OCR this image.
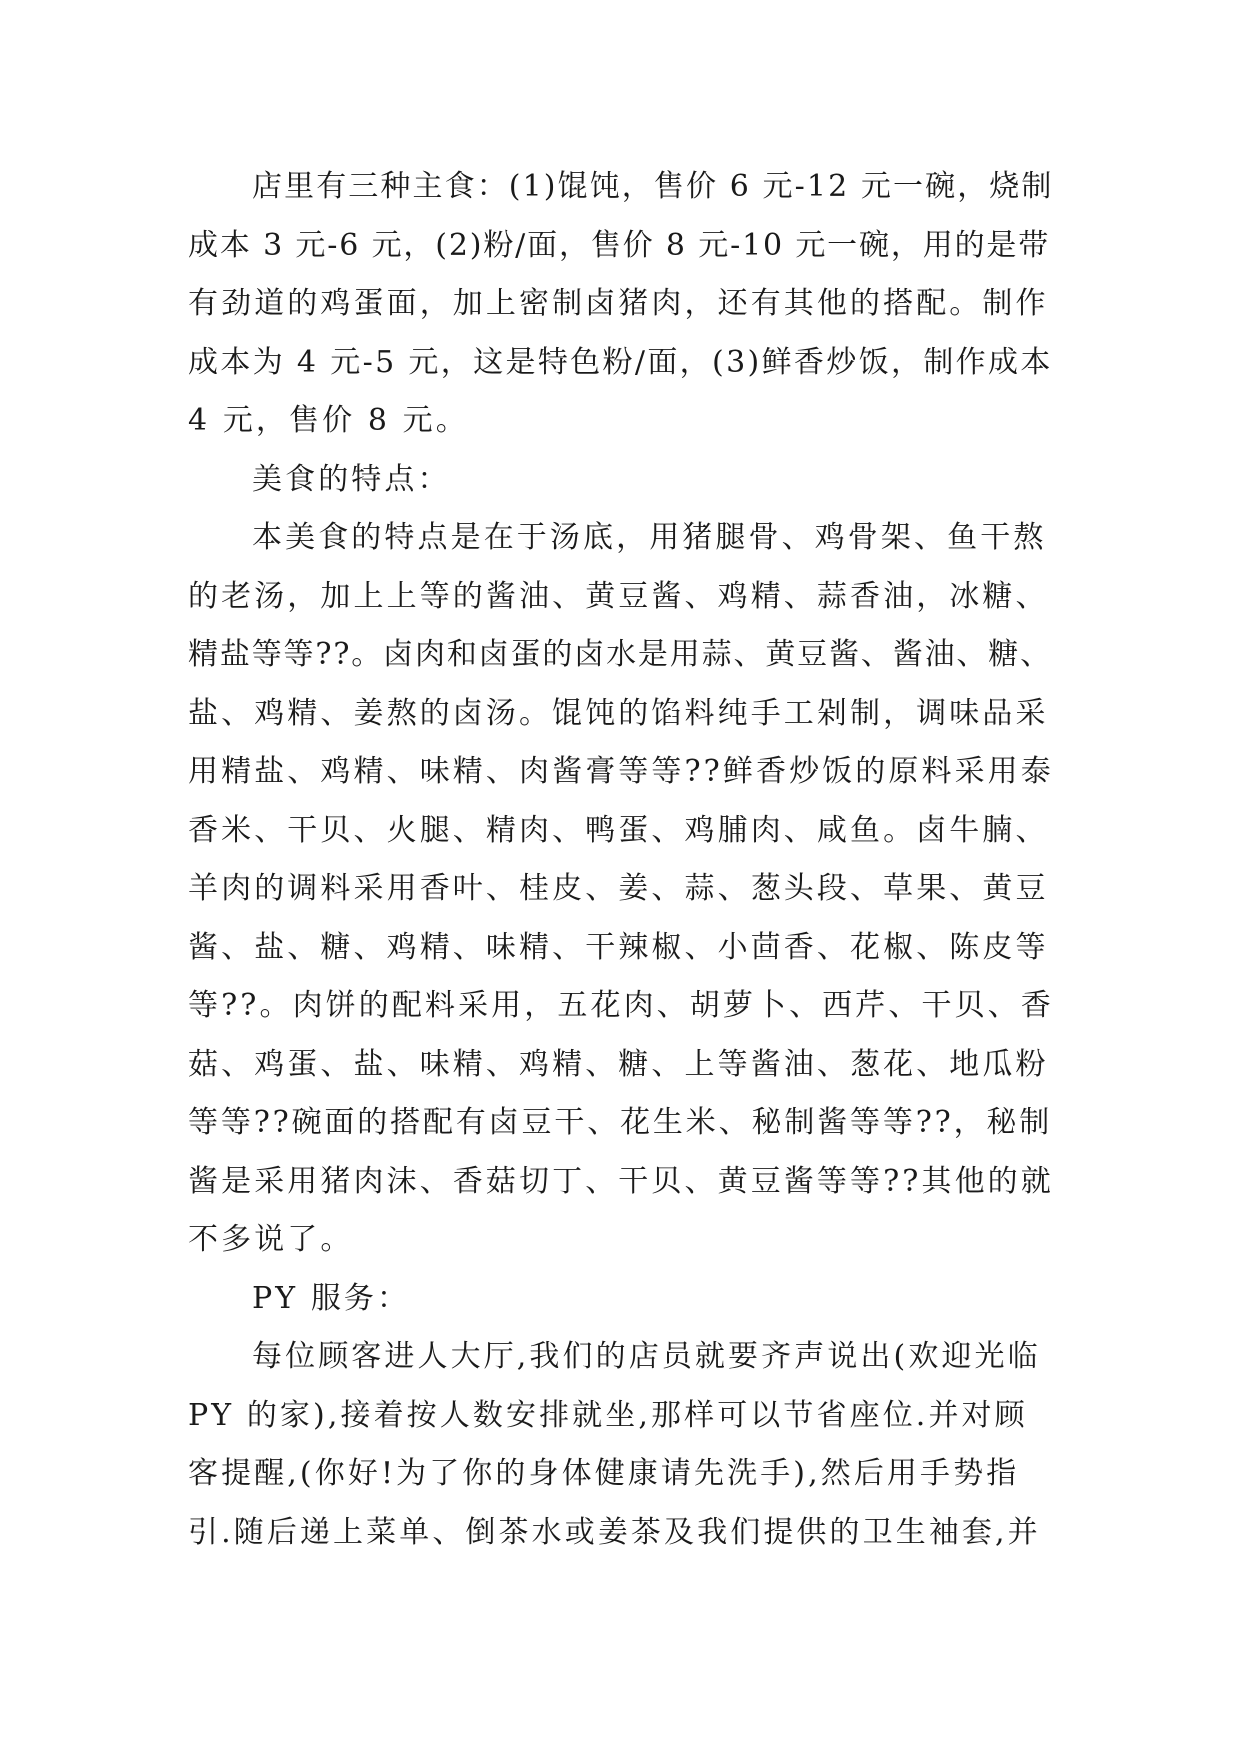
店里有三种主食：(1)馄饨，售价 6 元-12 元一碗，烧制
成本 3 元-6 元，(2)粉/面，售价 8 元-10 元一碗，用的是带
有劲道的鸡蛋面，加上密制卤猪肉，还有其他的搭配。制作
成本为 4 元-5 元，这是特色粉/面，(3)鲜香炒饭，制作成本
4 元，售价 8 元。
美食的特点：
本美食的特点是在于汤底，用猪腿骨、鸡骨架、鱼干熬
的老汤，加上上等的酱油、黄豆酱、鸡精、蒜香油，冰糖、
精盐等等??。卤肉和卤蛋的卤水是用蒜、黄豆酱、酱油、糖、
盐、鸡精、姜熬的卤汤。馄饨的馅料纯手工剁制，调味品采
用精盐、鸡精、味精、肉酱膏等等??鲜香炒饭的原料采用泰
香米、干贝、火腿、精肉、鸭蛋、鸡脯肉、咸鱼。卤牛腩、
羊肉的调料采用香叶、桂皮、姜、蒜、葱头段、草果、黄豆
酱、盐、糖、鸡精、味精、干辣椒、小茴香、花椒、陈皮等
等??。肉饼的配料采用，五花肉、胡萝卜、西芹、干贝、香
菇、鸡蛋、盐、味精、鸡精、糖、上等酱油、葱花、地瓜粉
等等??碗面的搭配有卤豆干、花生米、秘制酱等等??，秘制
酱是采用猪肉沫、香菇切丁、干贝、黄豆酱等等??其他的就
不多说了。
PY 服务：
每位顾客进人大厅,我们的店员就要齐声说出(欢迎光临
PY 的家),接着按人数安排就坐,那样可以节省座位.并对顾
客提醒,(你好!为了你的身体健康请先洗手),然后用手势指
引.随后递上菜单、倒茶水或姜茶及我们提供的卫生袖套,并
